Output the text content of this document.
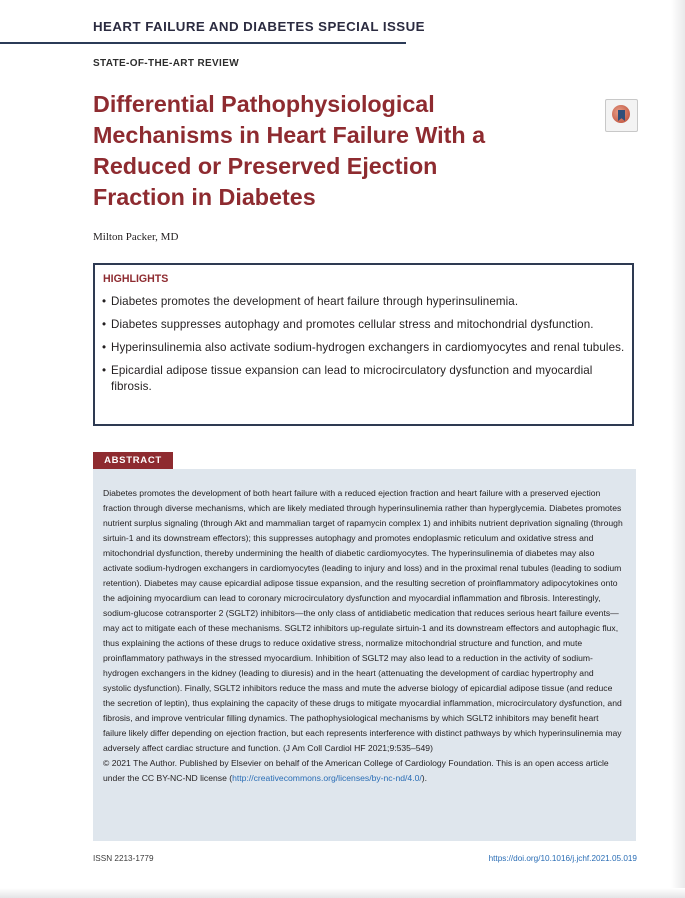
HEART FAILURE AND DIABETES SPECIAL ISSUE
STATE-OF-THE-ART REVIEW
Differential Pathophysiological
Mechanisms in Heart Failure With a
Reduced or Preserved Ejection
Fraction in Diabetes
Milton Packer, MD
HIGHLIGHTS
• Diabetes promotes the development of heart failure through hyperinsulinemia.
• Diabetes suppresses autophagy and promotes cellular stress and mitochondrial dysfunction.
• Hyperinsulinemia also activate sodium-hydrogen exchangers in cardiomyocytes and renal tubules.
• Epicardial adipose tissue expansion can lead to microcirculatory dysfunction and myocardial fibrosis.
ABSTRACT

Diabetes promotes the development of both heart failure with a reduced ejection fraction and heart failure with a preserved ejection fraction through diverse mechanisms, which are likely mediated through hyperinsulinemia rather than hyperglycemia. Diabetes promotes nutrient surplus signaling (through Akt and mammalian target of rapamycin complex 1) and inhibits nutrient deprivation signaling (through sirtuin-1 and its downstream effectors); this suppresses autophagy and promotes endoplasmic reticulum and oxidative stress and mitochondrial dysfunction, thereby undermining the health of diabetic cardiomyocytes. The hyperinsulinemia of diabetes may also activate sodium-hydrogen exchangers in cardiomyocytes (leading to injury and loss) and in the proximal renal tubules (leading to sodium retention). Diabetes may cause epicardial adipose tissue expansion, and the resulting secretion of proinflammatory adipocytokines onto the adjoining myocardium can lead to coronary microcirculatory dysfunction and myocardial inflammation and fibrosis. Interestingly, sodium-glucose cotransporter 2 (SGLT2) inhibitors—the only class of antidiabetic medication that reduces serious heart failure events—may act to mitigate each of these mechanisms. SGLT2 inhibitors up-regulate sirtuin-1 and its downstream effectors and autophagic flux, thus explaining the actions of these drugs to reduce oxidative stress, normalize mitochondrial structure and function, and mute proinflammatory pathways in the stressed myocardium. Inhibition of SGLT2 may also lead to a reduction in the activity of sodium-hydrogen exchangers in the kidney (leading to diuresis) and in the heart (attenuating the development of cardiac hypertrophy and systolic dysfunction). Finally, SGLT2 inhibitors reduce the mass and mute the adverse biology of epicardial adipose tissue (and reduce the secretion of leptin), thus explaining the capacity of these drugs to mitigate myocardial inflammation, microcirculatory dysfunction, and fibrosis, and improve ventricular filling dynamics. The pathophysiological mechanisms by which SGLT2 inhibitors may benefit heart failure likely differ depending on ejection fraction, but each represents interference with distinct pathways by which hyperinsulinemia may adversely affect cardiac structure and function. (J Am Coll Cardiol HF 2021;9:535–549)
© 2021 The Author. Published by Elsevier on behalf of the American College of Cardiology Foundation. This is an open access article under the CC BY-NC-ND license (http://creativecommons.org/licenses/by-nc-nd/4.0/).

ISSN 2213-1779	https://doi.org/10.1016/j.jchf.2021.05.019
